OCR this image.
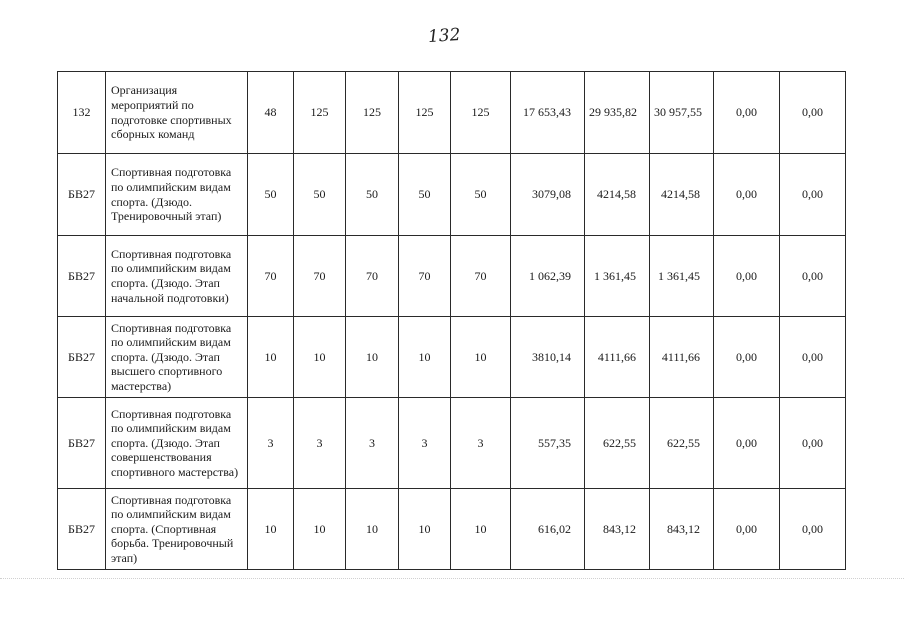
132
132	Организация мероприятий по подготовке спортивных сборных команд	48	125	125	125	125	17 653,43	29 935,82	30 957,55	0,00	0,00
БВ27	Спортивная подготовка по олимпийским видам спорта. (Дзюдо. Тренировочный этап)	50	50	50	50	50	3079,08	4214,58	4214,58	0,00	0,00
БВ27	Спортивная подготовка по олимпийским видам спорта. (Дзюдо. Этап начальной подготовки)	70	70	70	70	70	1 062,39	1 361,45	1 361,45	0,00	0,00
БВ27	Спортивная подготовка по олимпийским видам спорта. (Дзюдо. Этап высшего спортивного мастерства)	10	10	10	10	10	3810,14	4111,66	4111,66	0,00	0,00
БВ27	Спортивная подготовка по олимпийским видам спорта. (Дзюдо. Этап совершенствования спортивного мастерства)	3	3	3	3	3	557,35	622,55	622,55	0,00	0,00
БВ27	Спортивная подготовка по олимпийским видам спорта. (Спортивная борьба. Тренировочный этап)	10	10	10	10	10	616,02	843,12	843,12	0,00	0,00
